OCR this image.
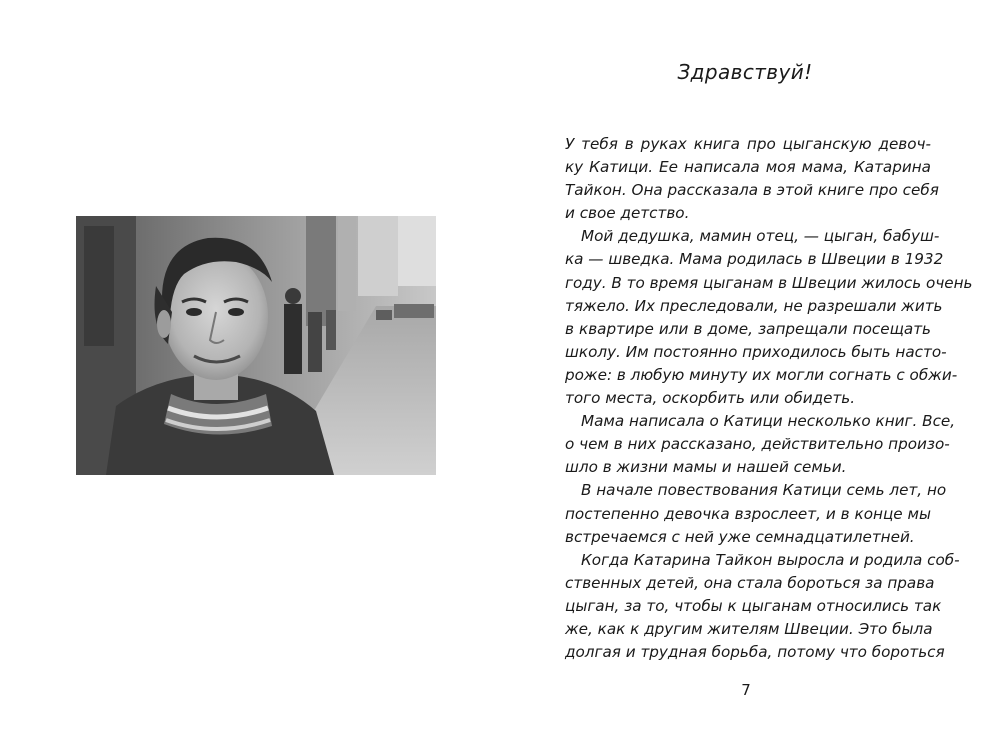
Здравствуй!
У тебя в руках книга про цыганскую девоч-
ку Катици. Ее написала моя мама, Катарина
Тайкон. Она рассказала в этой книге про себя
и свое детство.
Мой дедушка, мамин отец, — цыган, бабуш-
ка — шведка. Мама родилась в Швеции в 1932
году. В то время цыганам в Швеции жилось очень
тяжело. Их преследовали, не разрешали жить
в квартире или в доме, запрещали посещать
школу. Им постоянно приходилось быть насто-
роже: в любую минуту их могли согнать с обжи-
того места, оскорбить или обидеть.
Мама написала о Катици несколько книг. Все,
о чем в них рассказано, действительно произо-
шло в жизни мамы и нашей семьи.
В начале повествования Катици семь лет, но
постепенно девочка взрослеет, и в конце мы
встречаемся с ней уже семнадцатилетней.
Когда Катарина Тайкон выросла и родила соб-
ственных детей, она стала бороться за права
цыган, за то, чтобы к цыганам относились так
же, как к другим жителям Швеции. Это была
долгая и трудная борьба, потому что бороться

7
